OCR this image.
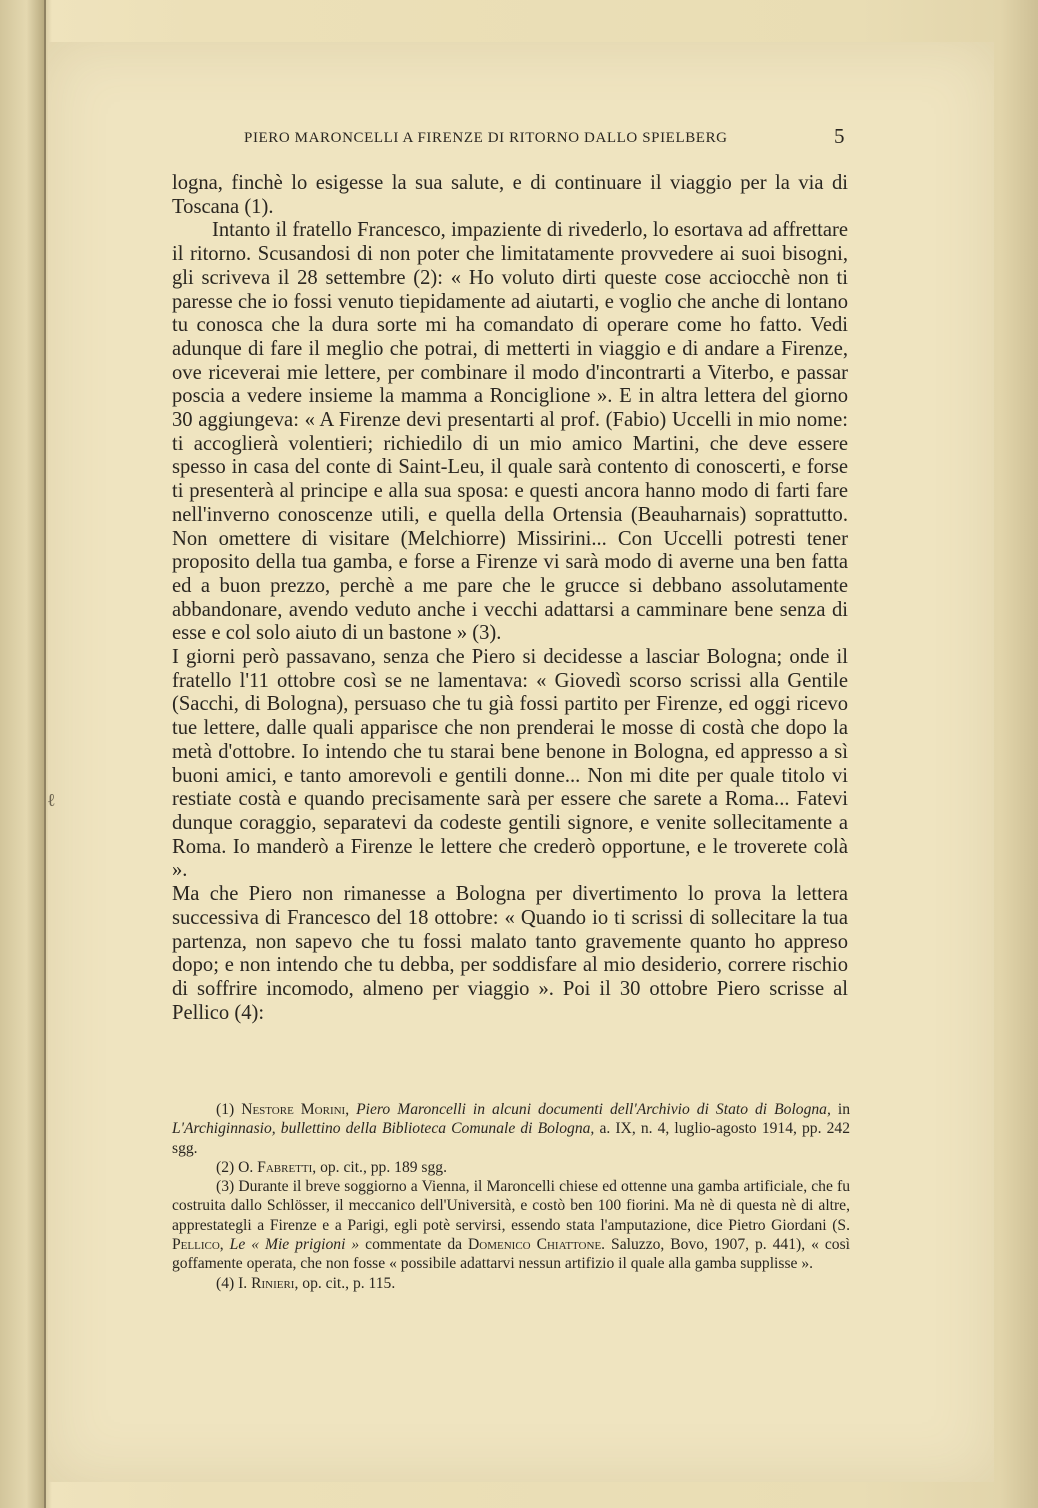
PIERO MARONCELLI A FIRENZE DI RITORNO DALLO SPIELBERG	5
ℓ

logna, finchè lo esigesse la sua salute, e di continuare il viaggio per la via di Toscana (1).

Intanto il fratello Francesco, impaziente di rivederlo, lo esortava ad affrettare il ritorno. Scusandosi di non poter che limitatamente provvedere ai suoi bisogni, gli scriveva il 28 settembre (2): « Ho voluto dirti queste cose acciocchè non ti paresse che io fossi venuto tiepidamente ad aiutarti, e voglio che anche di lontano tu conosca che la dura sorte mi ha comandato di operare come ho fatto. Vedi adunque di fare il meglio che potrai, di metterti in viaggio e di andare a Firenze, ove riceverai mie lettere, per combinare il modo d'incontrarti a Viterbo, e passar poscia a vedere insieme la mamma a Ronciglione ». E in altra lettera del giorno 30 aggiungeva: « A Firenze devi presentarti al prof. (Fabio) Uccelli in mio nome: ti accoglierà volentieri; richiedilo di un mio amico Martini, che deve essere spesso in casa del conte di Saint-Leu, il quale sarà contento di conoscerti, e forse ti presenterà al principe e alla sua sposa: e questi ancora hanno modo di farti fare nell'inverno conoscenze utili, e quella della Ortensia (Beauharnais) soprattutto. Non omettere di visitare (Melchiorre) Missirini... Con Uccelli potresti tener proposito della tua gamba, e forse a Firenze vi sarà modo di averne una ben fatta ed a buon prezzo, perchè a me pare che le grucce si debbano assolutamente abbandonare, avendo veduto anche i vecchi adattarsi a camminare bene senza di esse e col solo aiuto di un bastone » (3).

I giorni però passavano, senza che Piero si decidesse a lasciar Bologna; onde il fratello l'11 ottobre così se ne lamentava: « Giovedì scorso scrissi alla Gentile (Sacchi, di Bologna), persuaso che tu già fossi partito per Firenze, ed oggi ricevo tue lettere, dalle quali apparisce che non prenderai le mosse di costà che dopo la metà d'ottobre. Io intendo che tu starai bene benone in Bologna, ed appresso a sì buoni amici, e tanto amorevoli e gentili donne... Non mi dite per quale titolo vi restiate costà e quando precisamente sarà per essere che sarete a Roma... Fatevi dunque coraggio, separatevi da codeste gentili signore, e venite sollecitamente a Roma. Io manderò a Firenze le lettere che crederò opportune, e le troverete colà ».

Ma che Piero non rimanesse a Bologna per divertimento lo prova la lettera successiva di Francesco del 18 ottobre: « Quando io ti scrissi di sollecitare la tua partenza, non sapevo che tu fossi malato tanto gravemente quanto ho appreso dopo; e non intendo che tu debba, per soddisfare al mio desiderio, correre rischio di soffrire incomodo, almeno per viaggio ». Poi il 30 ottobre Piero scrisse al Pellico (4):

(1) Nestore Morini, Piero Maroncelli in alcuni documenti dell'Archivio di Stato di Bologna, in L'Archiginnasio, bullettino della Biblioteca Comunale di Bologna, a. IX, n. 4, luglio-agosto 1914, pp. 242 sgg.

(2) O. Fabretti, op. cit., pp. 189 sgg.

(3) Durante il breve soggiorno a Vienna, il Maroncelli chiese ed ottenne una gamba artificiale, che fu costruita dallo Schlösser, il meccanico dell'Università, e costò ben 100 fiorini. Ma nè di questa nè di altre, apprestategli a Firenze e a Parigi, egli potè servirsi, essendo stata l'amputazione, dice Pietro Giordani (S. Pellico, Le « Mie prigioni » commentate da Domenico Chiattone. Saluzzo, Bovo, 1907, p. 441), « così goffamente operata, che non fosse « possibile adattarvi nessun artifizio il quale alla gamba supplisse ».

(4) I. Rinieri, op. cit., p. 115.
